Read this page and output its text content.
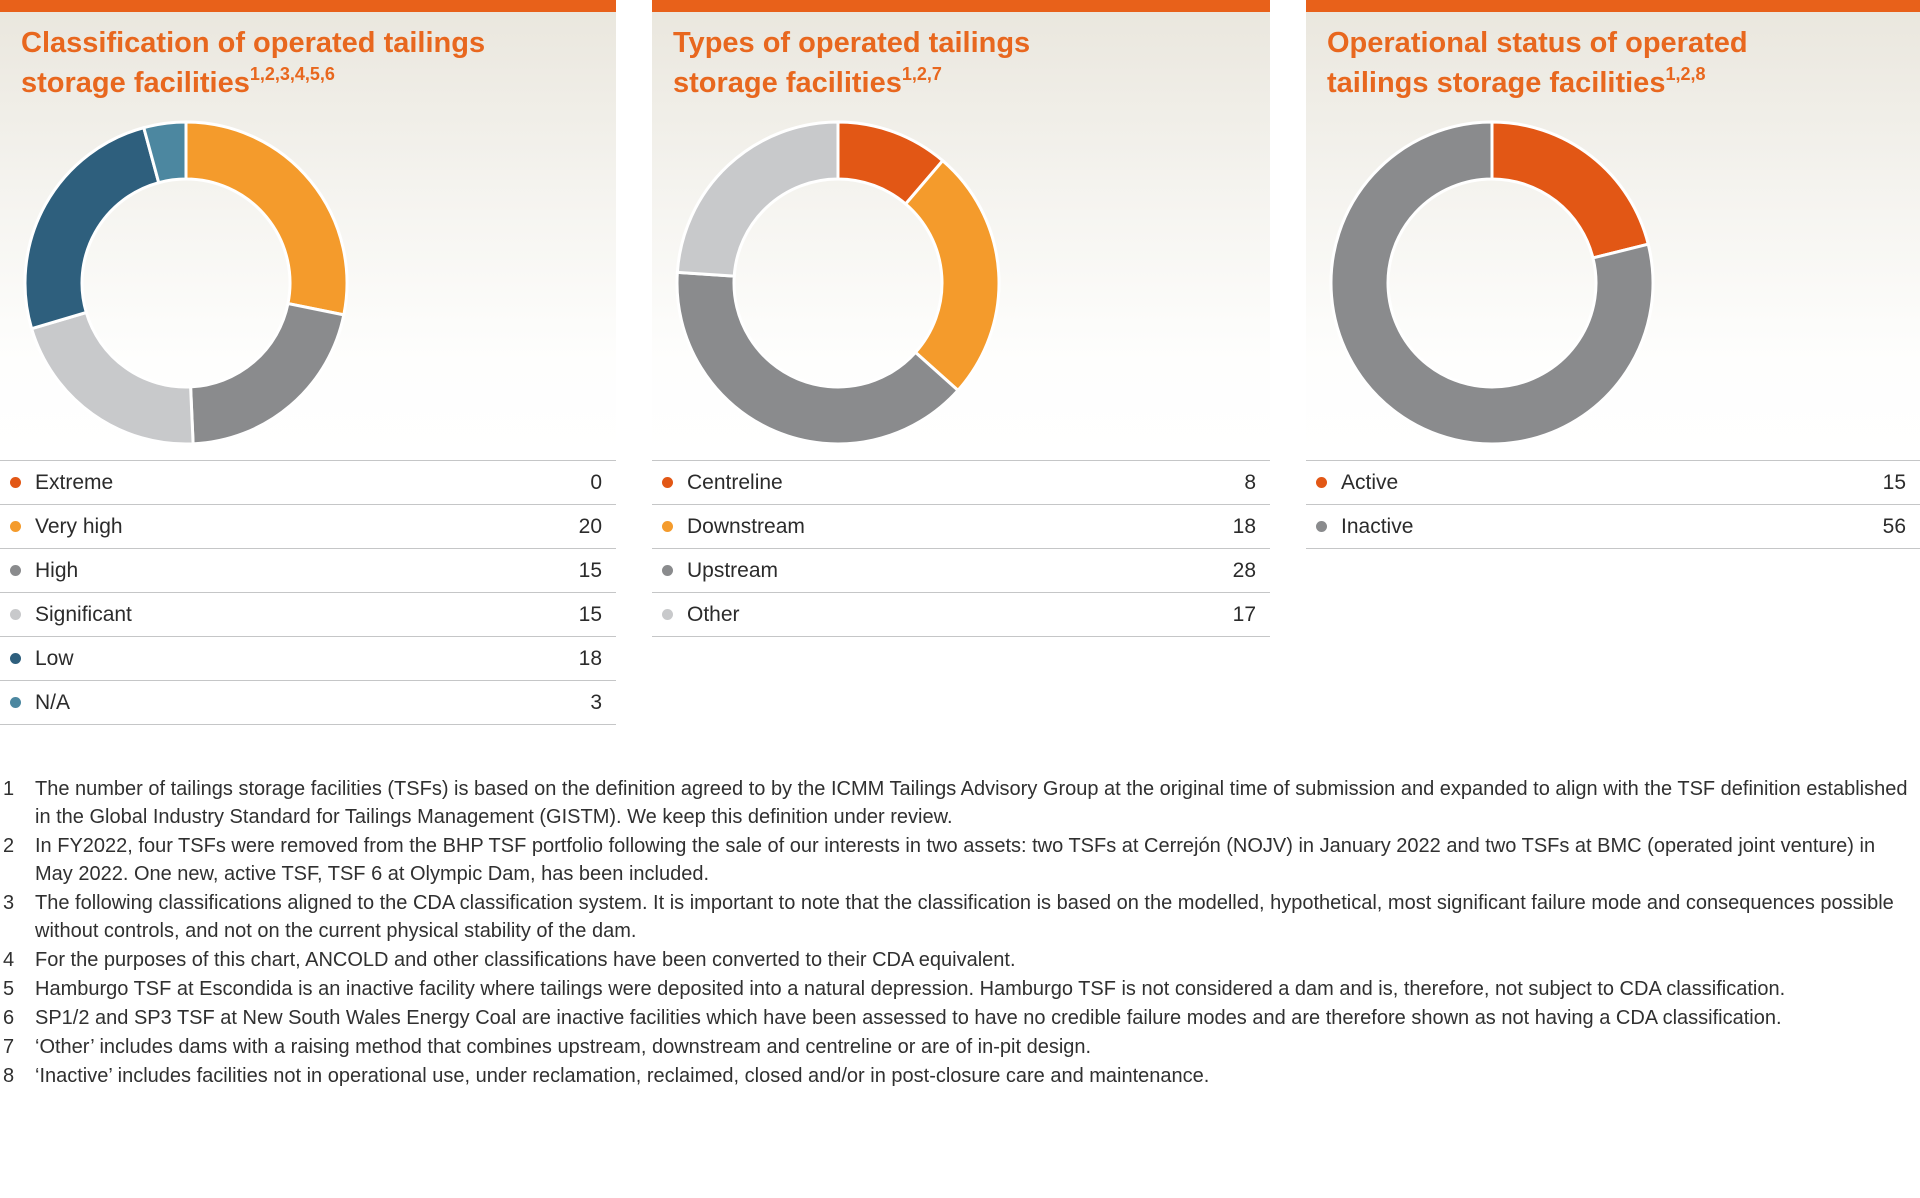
Classification of operated tailings
storage facilities$^{1,2,3,4,5,6}$
Extreme	0
Very high	20
High	15
Significant	15
Low	18
N/A	3
Types of operated tailings
storage facilities$^{1,2,7}$
Centreline	8
Downstream	18
Upstream	28
Other	17
Operational status of operated
tailings storage facilities$^{1,2,8}$
Active	15
Inactive	56
1	The number of tailings storage facilities (TSFs) is based on the definition agreed to by the ICMM Tailings Advisory Group at the original time of submission and expanded to align with the TSF definition established in the Global Industry Standard for Tailings Management (GISTM). We keep this definition under review.
2	In FY2022, four TSFs were removed from the BHP TSF portfolio following the sale of our interests in two assets: two TSFs at Cerrejón (NOJV) in January 2022 and two TSFs at BMC (operated joint venture) in May 2022. One new, active TSF, TSF 6 at Olympic Dam, has been included.
3	The following classifications aligned to the CDA classification system. It is important to note that the classification is based on the modelled, hypothetical, most significant failure mode and consequences possible without controls, and not on the current physical stability of the dam.
4	For the purposes of this chart, ANCOLD and other classifications have been converted to their CDA equivalent.
5	Hamburgo TSF at Escondida is an inactive facility where tailings were deposited into a natural depression. Hamburgo TSF is not considered a dam and is, therefore, not subject to CDA classification.
6	SP1/2 and SP3 TSF at New South Wales Energy Coal are inactive facilities which have been assessed to have no credible failure modes and are therefore shown as not having a CDA classification.
7	‘Other’ includes dams with a raising method that combines upstream, downstream and centreline or are of in-pit design.
8	‘Inactive’ includes facilities not in operational use, under reclamation, reclaimed, closed and/or in post-closure care and maintenance.
